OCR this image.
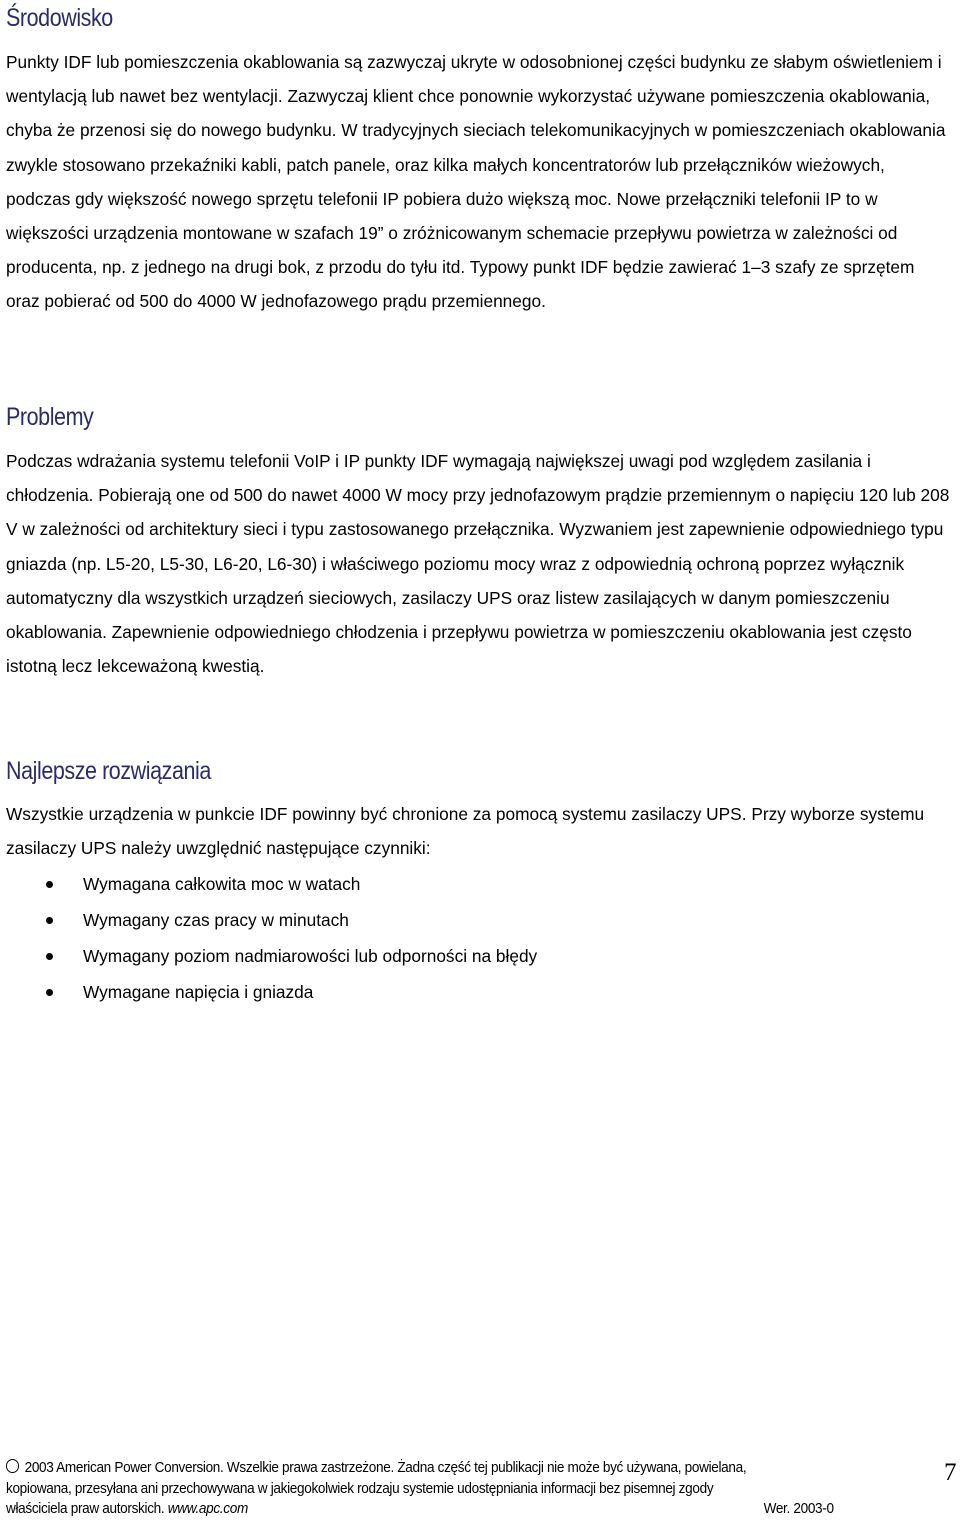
Środowisko

Punkty IDF lub pomieszczenia okablowania są zazwyczaj ukryte w odosobnionej części budynku ze słabym oświetleniem i wentylacją lub nawet bez wentylacji. Zazwyczaj klient chce ponownie wykorzystać używane pomieszczenia okablowania, chyba że przenosi się do nowego budynku. W tradycyjnych sieciach telekomunikacyjnych w pomieszczeniach okablowania zwykle stosowano przekaźniki kabli, patch panele, oraz kilka małych koncentratorów lub przełączników wieżowych, podczas gdy większość nowego sprzętu telefonii IP pobiera dużo większą moc. Nowe przełączniki telefonii IP to w większości urządzenia montowane w szafach 19” o zróżnicowanym schemacie przepływu powietrza w zależności od producenta, np. z jednego na drugi bok, z przodu do tyłu itd. Typowy punkt IDF będzie zawierać 1–3 szafy ze sprzętem oraz pobierać od 500 do 4000 W jednofazowego prądu przemiennego.

Problemy

Podczas wdrażania systemu telefonii VoIP i IP punkty IDF wymagają największej uwagi pod względem zasilania i chłodzenia. Pobierają one od 500 do nawet 4000 W mocy przy jednofazowym prądzie przemiennym o napięciu 120 lub 208 V w zależności od architektury sieci i typu zastosowanego przełącznika. Wyzwaniem jest zapewnienie odpowiedniego typu gniazda (np. L5-20, L5-30, L6-20, L6-30) i właściwego poziomu mocy wraz z odpowiednią ochroną poprzez wyłącznik automatyczny dla wszystkich urządzeń sieciowych, zasilaczy UPS oraz listew zasilających w danym pomieszczeniu okablowania. Zapewnienie odpowiedniego chłodzenia i przepływu powietrza w pomieszczeniu okablowania jest często istotną lecz lekceważoną kwestią.

Najlepsze rozwiązania

Wszystkie urządzenia w punkcie IDF powinny być chronione za pomocą systemu zasilaczy UPS. Przy wyborze systemu zasilaczy UPS należy uwzględnić następujące czynniki:

Wymagana całkowita moc w watach
Wymagany czas pracy w minutach
Wymagany poziom nadmiarowości lub odporności na błędy
Wymagane napięcia i gniazda
2003 American Power Conversion. Wszelkie prawa zastrzeżone. Żadna część tej publikacji nie może być używana, powielana,
kopiowana, przesyłana ani przechowywana w jakiegokolwiek rodzaju systemie udostępniania informacji bez pisemnej zgody
właściciela praw autorskich. www.apc.com	Wer. 2003-0
7
